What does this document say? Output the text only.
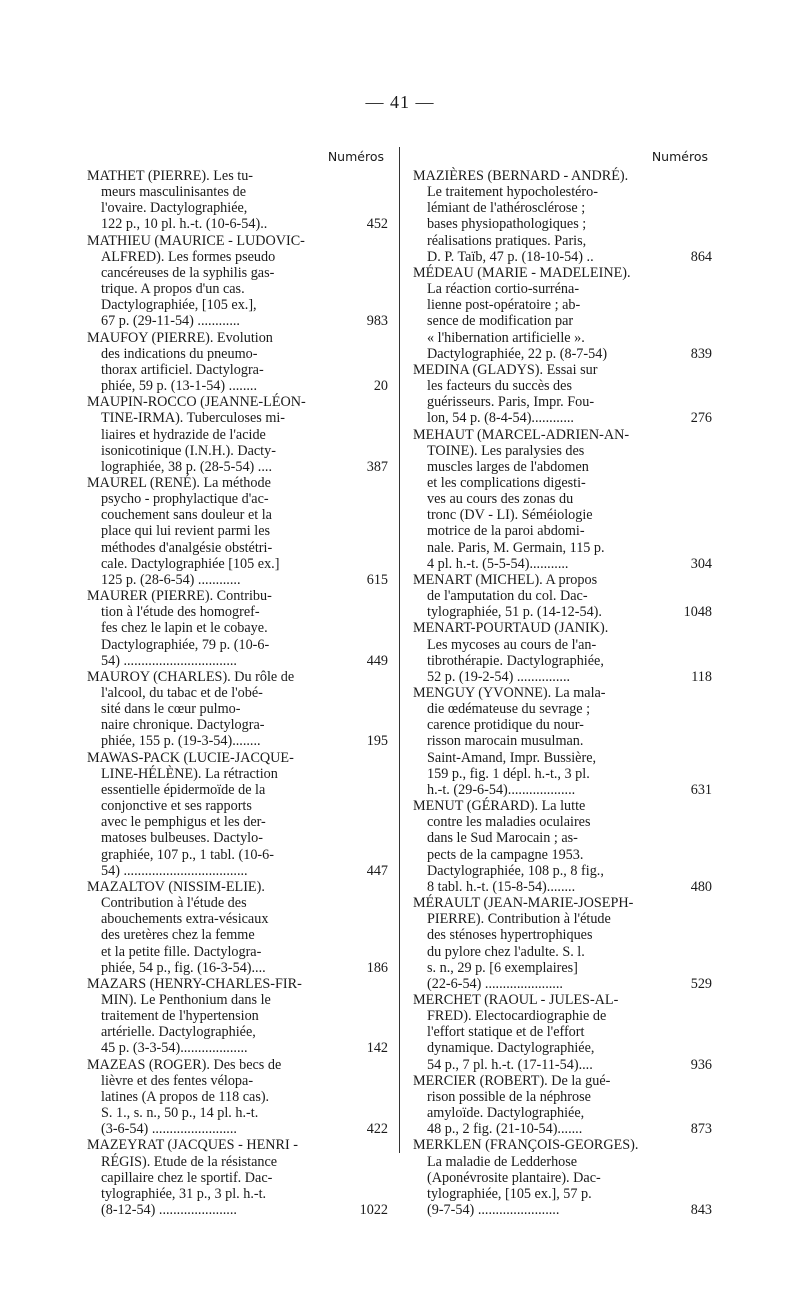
— 41 —
Numéros
MATHET (PIERRE). Les tu-
meurs masculinisantes de
l'ovaire. Dactylographiée,
122 p., 10 pl. h.-t. (10-6-54)..	452
MATHIEU (MAURICE - LUDOVIC-
ALFRED). Les formes pseudo
cancéreuses de la syphilis gas-
trique. A propos d'un cas.
Dactylographiée, [105 ex.],
67 p. (29-11-54) ............	983
MAUFOY (PIERRE). Evolution
des indications du pneumo-
thorax artificiel. Dactylogra-
phiée, 59 p. (13-1-54) ........	20
MAUPIN-ROCCO (JEANNE-LÉON-
TINE-IRMA). Tuberculoses mi-
liaires et hydrazide de l'acide
isonicotinique (I.N.H.). Dacty-
lographiée, 38 p. (28-5-54) ....	387
MAUREL (RENÉ). La méthode
psycho - prophylactique d'ac-
couchement sans douleur et la
place qui lui revient parmi les
méthodes d'analgésie obstétri-
cale. Dactylographiée [105 ex.]
125 p. (28-6-54) ............	615
MAURER (PIERRE). Contribu-
tion à l'étude des homogref-
fes chez le lapin et le cobaye.
Dactylographiée, 79 p. (10-6-
54) ................................	449
MAUROY (CHARLES). Du rôle de
l'alcool, du tabac et de l'obé-
sité dans le cœur pulmo-
naire chronique. Dactylogra-
phiée, 155 p. (19-3-54)........	195
MAWAS-PACK (LUCIE-JACQUE-
LINE-HÉLÈNE). La rétraction
essentielle épidermoïde de la
conjonctive et ses rapports
avec le pemphigus et les der-
matoses bulbeuses. Dactylo-
graphiée, 107 p., 1 tabl. (10-6-
54) ...................................	447
MAZALTOV (NISSIM-ELIE).
Contribution à l'étude des
abouchements extra-vésicaux
des uretères chez la femme
et la petite fille. Dactylogra-
phiée, 54 p., fig. (16-3-54)....	186
MAZARS (HENRY-CHARLES-FIR-
MIN). Le Penthonium dans le
traitement de l'hypertension
artérielle. Dactylographiée,
45 p. (3-3-54)...................	142
MAZEAS (ROGER). Des becs de
lièvre et des fentes vélopa-
latines (A propos de 118 cas).
S. 1., s. n., 50 p., 14 pl. h.-t.
(3-6-54) ........................	422
MAZEYRAT (JACQUES - HENRI -
RÉGIS). Etude de la résistance
capillaire chez le sportif. Dac-
tylographiée, 31 p., 3 pl. h.-t.
(8-12-54) ......................	1022
Numéros
MAZIÈRES (BERNARD - ANDRÉ).
Le traitement hypocholestéro-
lémiant de l'athérosclérose ;
bases physiopathologiques ;
réalisations pratiques. Paris,
D. P. Taïb, 47 p. (18-10-54) ..	864
MÉDEAU (MARIE - MADELEINE).
La réaction cortio-surréna-
lienne post-opératoire ; ab-
sence de modification par
« l'hibernation artificielle ».
Dactylographiée, 22 p. (8-7-54)	839
MEDINA (GLADYS). Essai sur
les facteurs du succès des
guérisseurs. Paris, Impr. Fou-
lon, 54 p. (8-4-54)............	276
MEHAUT (MARCEL-ADRIEN-AN-
TOINE). Les paralysies des
muscles larges de l'abdomen
et les complications digesti-
ves au cours des zonas du
tronc (DV - LI). Séméiologie
motrice de la paroi abdomi-
nale. Paris, M. Germain, 115 p.
4 pl. h.-t. (5-5-54)...........	304
MENART (MICHEL). A propos
de l'amputation du col. Dac-
tylographiée, 51 p. (14-12-54).	1048
MENART-POURTAUD (JANIK).
Les mycoses au cours de l'an-
tibrothérapie. Dactylographiée,
52 p. (19-2-54) ...............	118
MENGUY (YVONNE). La mala-
die œdémateuse du sevrage ;
carence protidique du nour-
risson marocain musulman.
Saint-Amand, Impr. Bussière,
159 p., fig. 1 dépl. h.-t., 3 pl.
h.-t. (29-6-54)...................	631
MENUT (GÉRARD). La lutte
contre les maladies oculaires
dans le Sud Marocain ; as-
pects de la campagne 1953.
Dactylographiée, 108 p., 8 fig.,
8 tabl. h.-t. (15-8-54)........	480
MÉRAULT (JEAN-MARIE-JOSEPH-
PIERRE). Contribution à l'étude
des sténoses hypertrophiques
du pylore chez l'adulte. S. l.
s. n., 29 p. [6 exemplaires]
(22-6-54) ......................	529
MERCHET (RAOUL - JULES-AL-
FRED). Electocardiographie de
l'effort statique et de l'effort
dynamique. Dactylographiée,
54 p., 7 pl. h.-t. (17-11-54)....	936
MERCIER (ROBERT). De la gué-
rison possible de la néphrose
amyloïde. Dactylographiée,
48 p., 2 fig. (21-10-54).......	873
MERKLEN (FRANÇOIS-GEORGES).
La maladie de Ledderhose
(Aponévrosite plantaire). Dac-
tylographiée, [105 ex.], 57 p.
(9-7-54) .......................	843
